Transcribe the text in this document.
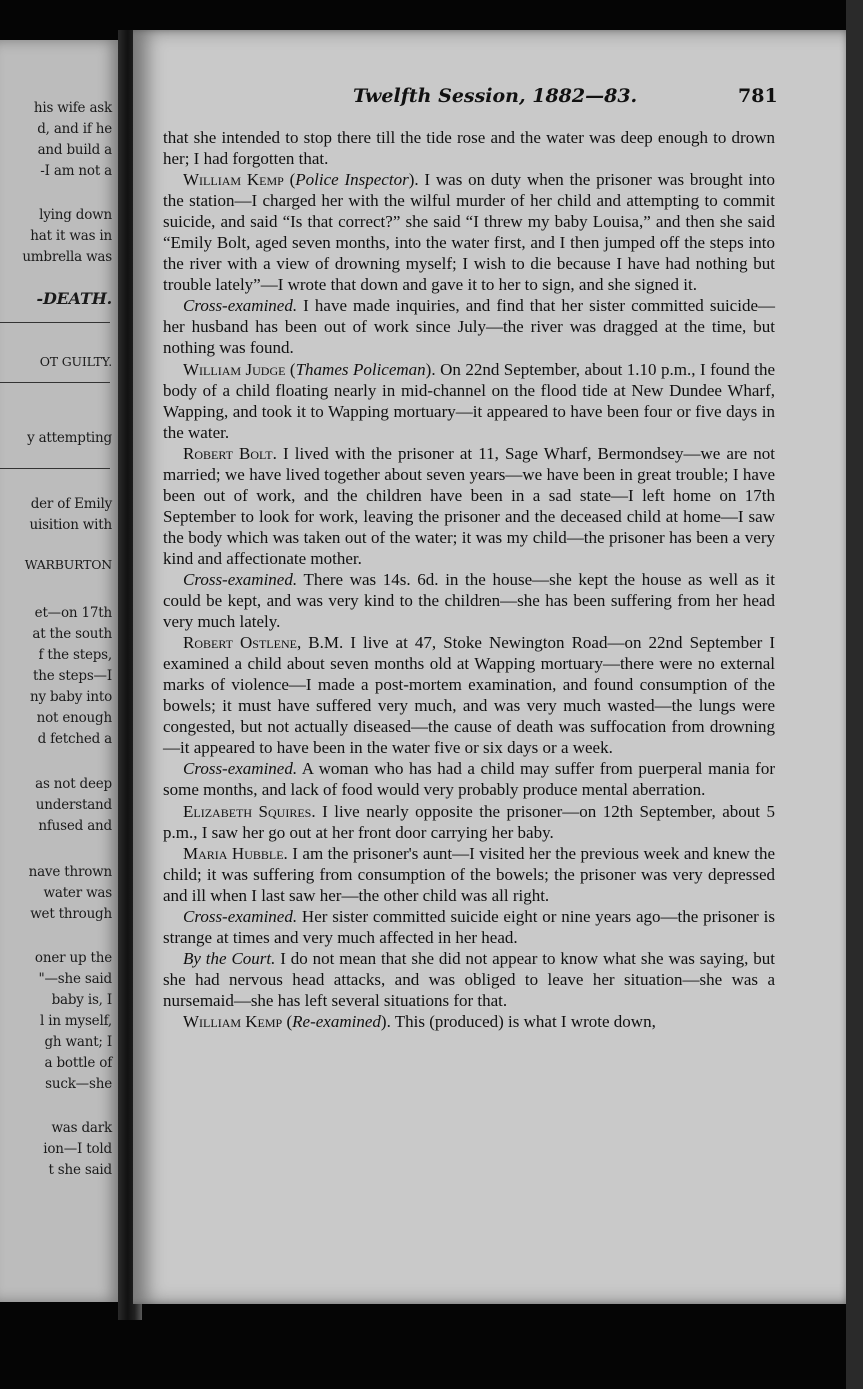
his wife ask
d, and if he
and build a
-I am not a
lying down
hat it was in
umbrella was
-DEATH.
OT GUILTY.
y attempting
der of Emily
uisition with
WARBURTON
et—on 17th
at the south
f the steps,
the steps—I
ny baby into
not enough
d fetched a
as not deep
understand
nfused and
nave thrown
water was
wet through
oner up the
"—she said
baby is, I
l in myself,
gh want; I
a bottle of
suck—she
was dark
ion—I told
t she said
Twelfth Session, 1882—83.	781

that she intended to stop there till the tide rose and the water was deep enough to drown her; I had forgotten that.

William Kemp (Police Inspector). I was on duty when the prisoner was brought into the station—I charged her with the wilful murder of her child and attempting to commit suicide, and said “Is that correct?” she said “I threw my baby Louisa,” and then she said “Emily Bolt, aged seven months, into the water first, and I then jumped off the steps into the river with a view of drowning myself; I wish to die because I have had nothing but trouble lately”—I wrote that down and gave it to her to sign, and she signed it.

Cross-examined. I have made inquiries, and find that her sister committed suicide—her husband has been out of work since July—the river was dragged at the time, but nothing was found.

William Judge (Thames Policeman). On 22nd September, about 1.10 p.m., I found the body of a child floating nearly in mid-channel on the flood tide at New Dundee Wharf, Wapping, and took it to Wapping mortuary—it appeared to have been four or five days in the water.

Robert Bolt. I lived with the prisoner at 11, Sage Wharf, Bermondsey—we are not married; we have lived together about seven years—we have been in great trouble; I have been out of work, and the children have been in a sad state—I left home on 17th September to look for work, leaving the prisoner and the deceased child at home—I saw the body which was taken out of the water; it was my child—the prisoner has been a very kind and affectionate mother.

Cross-examined. There was 14s. 6d. in the house—she kept the house as well as it could be kept, and was very kind to the children—she has been suffering from her head very much lately.

Robert Ostlene, B.M. I live at 47, Stoke Newington Road—on 22nd September I examined a child about seven months old at Wapping mortuary—there were no external marks of violence—I made a post-mortem examination, and found consumption of the bowels; it must have suffered very much, and was very much wasted—the lungs were congested, but not actually diseased—the cause of death was suffocation from drowning—it appeared to have been in the water five or six days or a week.

Cross-examined. A woman who has had a child may suffer from puerperal mania for some months, and lack of food would very probably produce mental aberration.

Elizabeth Squires. I live nearly opposite the prisoner—on 12th September, about 5 p.m., I saw her go out at her front door carrying her baby.

Maria Hubble. I am the prisoner's aunt—I visited her the previous week and knew the child; it was suffering from consumption of the bowels; the prisoner was very depressed and ill when I last saw her—the other child was all right.

Cross-examined. Her sister committed suicide eight or nine years ago—the prisoner is strange at times and very much affected in her head.

By the Court. I do not mean that she did not appear to know what she was saying, but she had nervous head attacks, and was obliged to leave her situation—she was a nursemaid—she has left several situations for that.

William Kemp (Re-examined). This (produced) is what I wrote down,
